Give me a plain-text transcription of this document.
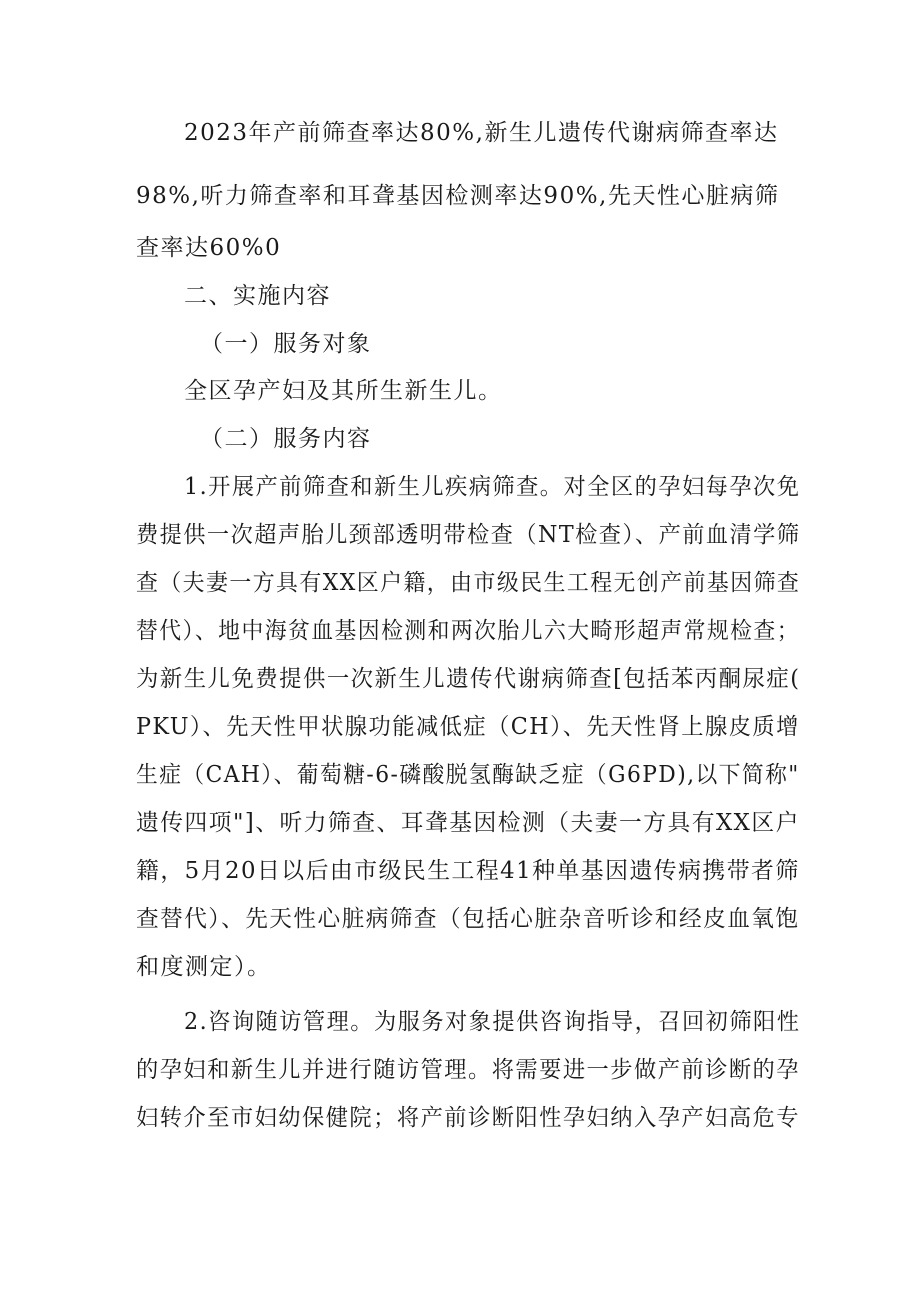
2023年产前筛查率达80%,新生儿遗传代谢病筛查率达
98%,听力筛查率和耳聋基因检测率达90%,先天性心脏病筛
查率达60%0
二、实施内容
（一）服务对象
全区孕产妇及其所生新生儿。
（二）服务内容
1.开展产前筛查和新生儿疾病筛查。对全区的孕妇每孕次免
费提供一次超声胎儿颈部透明带检查（NT检查）、产前血清学筛
查（夫妻一方具有XX区户籍，由市级民生工程无创产前基因筛查
替代）、地中海贫血基因检测和两次胎儿六大畸形超声常规检查；
为新生儿免费提供一次新生儿遗传代谢病筛查[包括苯丙酮尿症(
PKU）、先天性甲状腺功能减低症（CH）、先天性肾上腺皮质增
生症（CAH）、葡萄糖-6-磷酸脱氢酶缺乏症（G6PD),以下简称"
遗传四项"]、听力筛查、耳聋基因检测（夫妻一方具有XX区户
籍，5月20日以后由市级民生工程41种单基因遗传病携带者筛
查替代）、先天性心脏病筛查（包括心脏杂音听诊和经皮血氧饱
和度测定）。
2.咨询随访管理。为服务对象提供咨询指导，召回初筛阳性
的孕妇和新生儿并进行随访管理。将需要进一步做产前诊断的孕
妇转介至市妇幼保健院；将产前诊断阳性孕妇纳入孕产妇高危专
